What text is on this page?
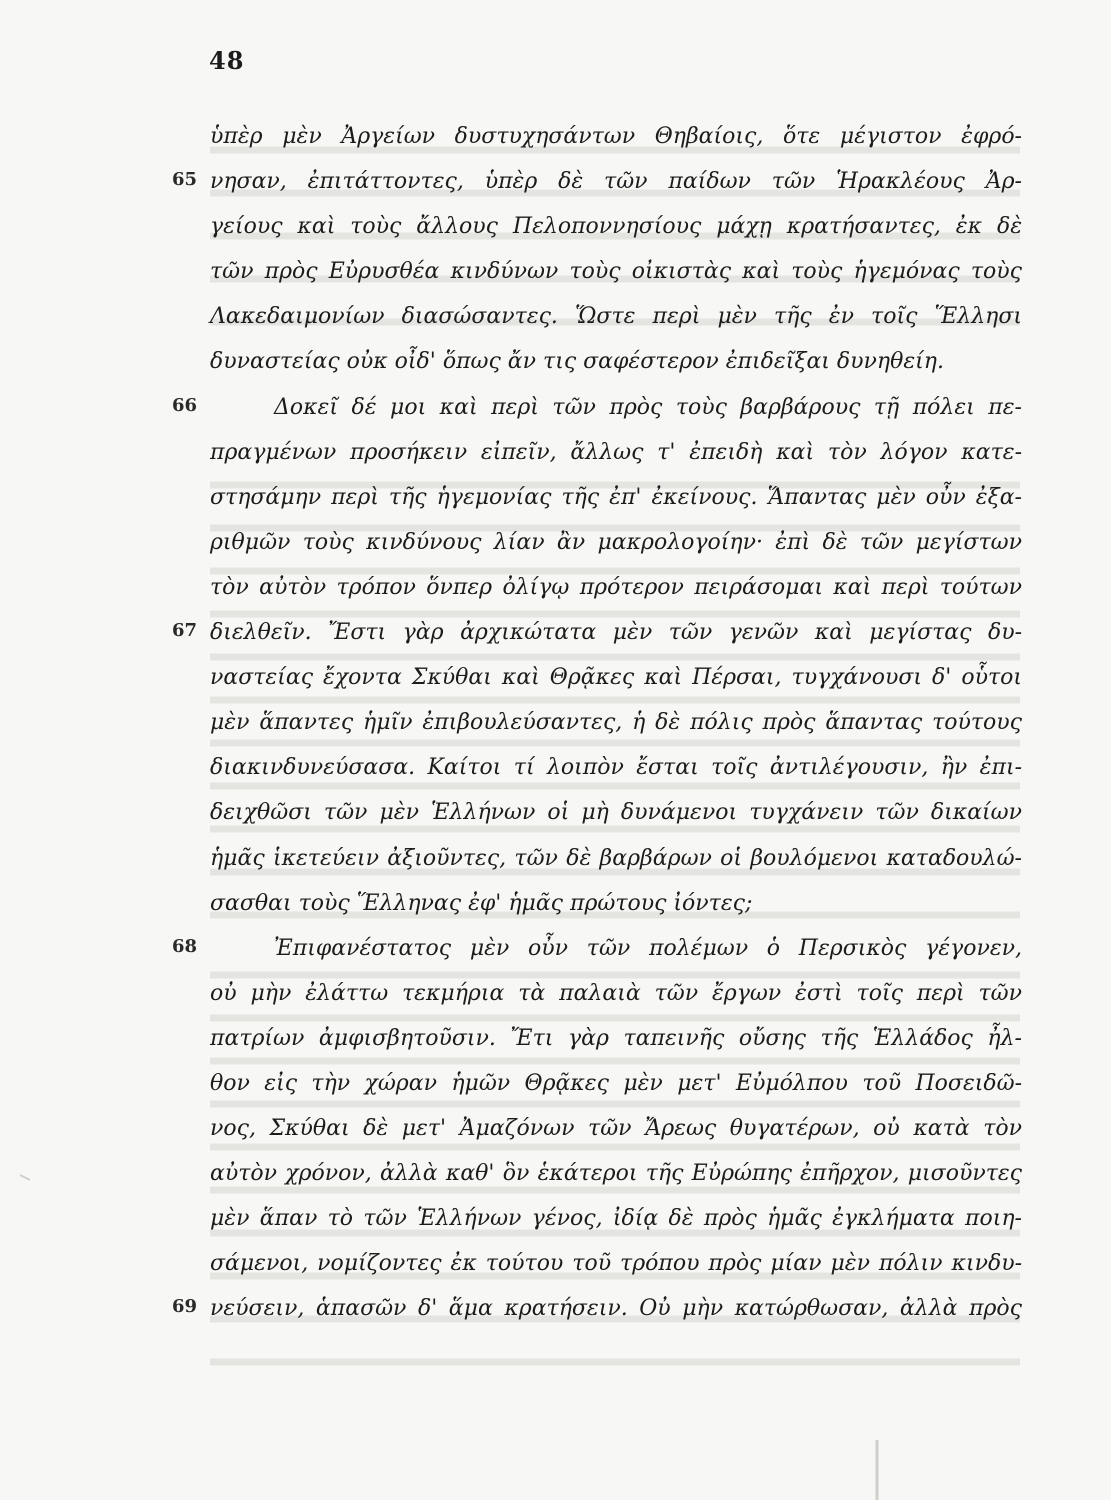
48
ὑπὲρ μὲν Ἀργείων δυστυχησάντων Θηβαίοις, ὅτε μέγιστον ἐφρό-
65 νησαν, ἐπιτάττοντες, ὑπὲρ δὲ τῶν παίδων τῶν Ἡρακλέους Ἀρ-
γείους καὶ τοὺς ἄλλους Πελοποννησίους μάχῃ κρατήσαντες, ἐκ δὲ
τῶν πρὸς Εὐρυσθέα κινδύνων τοὺς οἰκιστὰς καὶ τοὺς ἡγεμόνας τοὺς
Λακεδαιμονίων διασώσαντες. Ὥστε περὶ μὲν τῆς ἐν τοῖς Ἕλλησι
δυναστείας οὐκ οἶδ' ὅπως ἄν τις σαφέστερον ἐπιδεῖξαι δυνηθείη.
66	Δοκεῖ δέ μοι καὶ περὶ τῶν πρὸς τοὺς βαρβάρους τῇ πόλει πε-
πραγμένων προσήκειν εἰπεῖν, ἄλλως τ' ἐπειδὴ καὶ τὸν λόγον κατε-
στησάμην περὶ τῆς ἡγεμονίας τῆς ἐπ' ἐκείνους. Ἅπαντας μὲν οὖν ἐξα-
ριθμῶν τοὺς κινδύνους λίαν ἂν μακρολογοίην· ἐπὶ δὲ τῶν μεγίστων
τὸν αὐτὸν τρόπον ὅνπερ ὀλίγῳ πρότερον πειράσομαι καὶ περὶ τούτων
67 διελθεῖν. Ἔστι γὰρ ἀρχικώτατα μὲν τῶν γενῶν καὶ μεγίστας δυ-
ναστείας ἔχοντα Σκύθαι καὶ Θρᾷκες καὶ Πέρσαι, τυγχάνουσι δ' οὗτοι
μὲν ἅπαντες ἡμῖν ἐπιβουλεύσαντες, ἡ δὲ πόλις πρὸς ἅπαντας τούτους
διακινδυνεύσασα. Καίτοι τί λοιπὸν ἔσται τοῖς ἀντιλέγουσιν, ἢν ἐπι-
δειχθῶσι τῶν μὲν Ἑλλήνων οἱ μὴ δυνάμενοι τυγχάνειν τῶν δικαίων
ἡμᾶς ἱκετεύειν ἀξιοῦντες, τῶν δὲ βαρβάρων οἱ βουλόμενοι καταδουλώ-
σασθαι τοὺς Ἕλληνας ἐφ' ἡμᾶς πρώτους ἰόντες;
68	Ἐπιφανέστατος μὲν οὖν τῶν πολέμων ὁ Περσικὸς γέγονεν,
οὐ μὴν ἐλάττω τεκμήρια τὰ παλαιὰ τῶν ἔργων ἐστὶ τοῖς περὶ τῶν
πατρίων ἀμφισβητοῦσιν. Ἔτι γὰρ ταπεινῆς οὔσης τῆς Ἑλλάδος ἦλ-
θον εἰς τὴν χώραν ἡμῶν Θρᾷκες μὲν μετ' Εὐμόλπου τοῦ Ποσειδῶ-
νος, Σκύθαι δὲ μετ' Ἀμαζόνων τῶν Ἄρεως θυγατέρων, οὐ κατὰ τὸν
αὐτὸν χρόνον, ἀλλὰ καθ' ὃν ἑκάτεροι τῆς Εὐρώπης ἐπῆρχον, μισοῦντες
μὲν ἅπαν τὸ τῶν Ἑλλήνων γένος, ἰδίᾳ δὲ πρὸς ἡμᾶς ἐγκλήματα ποιη-
σάμενοι, νομίζοντες ἐκ τούτου τοῦ τρόπου πρὸς μίαν μὲν πόλιν κινδυ-
69 νεύσειν, ἁπασῶν δ' ἅμα κρατήσειν. Οὐ μὴν κατώρθωσαν, ἀλλὰ πρὸς
